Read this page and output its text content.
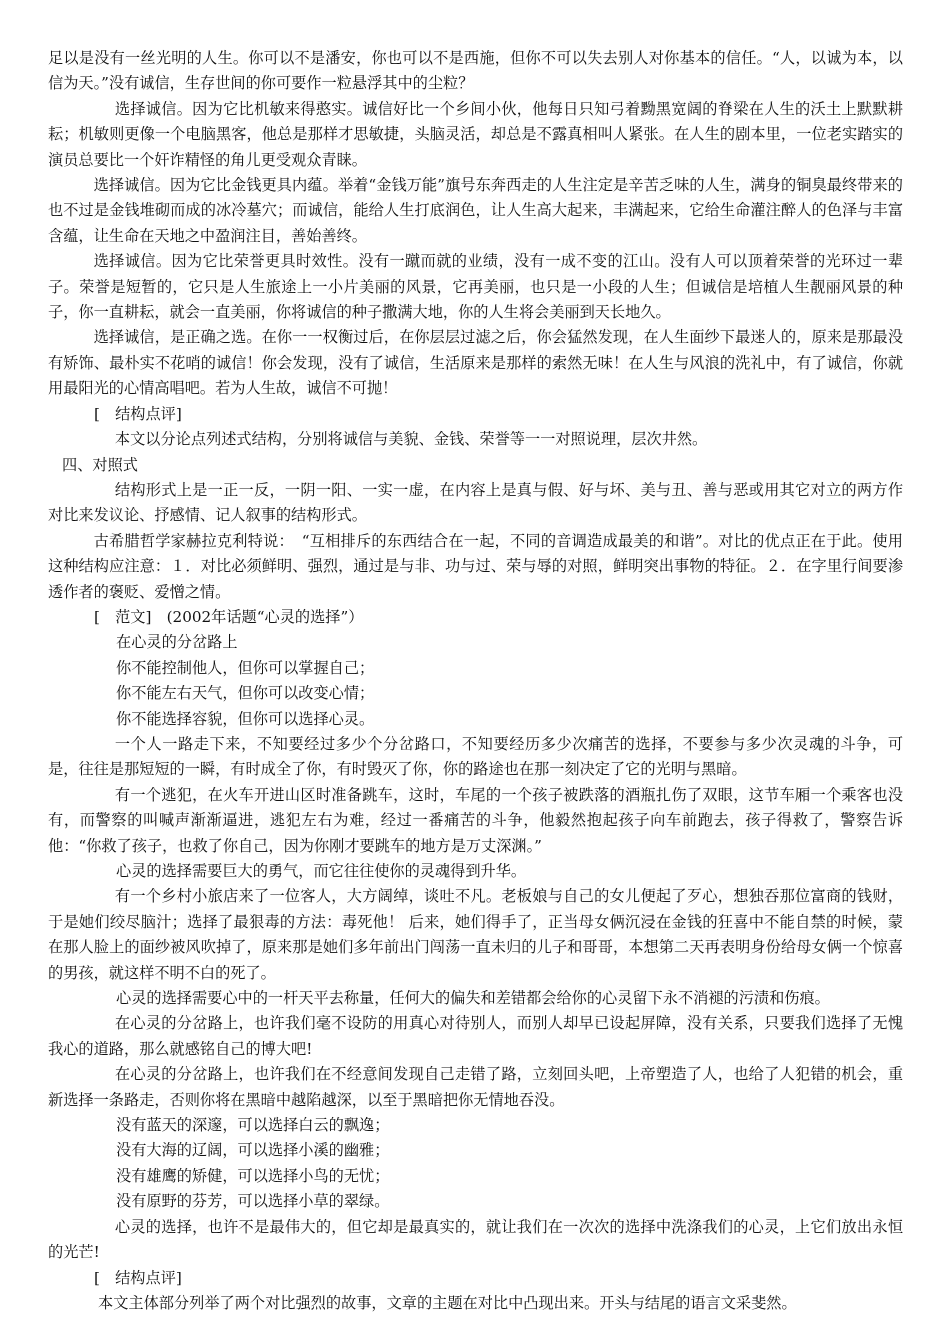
足以是没有一丝光明的人生。你可以不是潘安，你也可以不是西施，但你不可以失去别人对你基本的信任。“人，以诚为本，以信为天。”没有诚信，生存世间的你可要作一粒悬浮其中的尘粒？

选择诚信。因为它比机敏来得憨实。诚信好比一个乡间小伙，他每日只知弓着黝黑宽阔的脊梁在人生的沃土上默默耕耘；机敏则更像一个电脑黑客，他总是那样才思敏捷，头脑灵活，却总是不露真相叫人紧张。在人生的剧本里，一位老实踏实的演员总要比一个奸诈精怪的角儿更受观众青睐。

选择诚信。因为它比金钱更具内蕴。举着“金钱万能”旗号东奔西走的人生注定是辛苦乏味的人生，满身的铜臭最终带来的也不过是金钱堆砌而成的冰冷墓穴；而诚信，能给人生打底润色，让人生高大起来，丰满起来，它给生命灌注醉人的色泽与丰富含蕴，让生命在天地之中盈润注目，善始善终。

选择诚信。因为它比荣誉更具时效性。没有一蹴而就的业绩，没有一成不变的江山。没有人可以顶着荣誉的光环过一辈子。荣誉是短暂的，它只是人生旅途上一小片美丽的风景，它再美丽，也只是一小段的人生；但诚信是培植人生靓丽风景的种子，你一直耕耘，就会一直美丽，你将诚信的种子撒满大地，你的人生将会美丽到天长地久。

选择诚信，是正确之选。在你一一权衡过后，在你层层过滤之后，你会猛然发现，在人生面纱下最迷人的，原来是那最没有矫饰、最朴实不花哨的诚信！你会发现，没有了诚信，生活原来是那样的索然无味！在人生与风浪的洗礼中，有了诚信，你就用最阳光的心情高唱吧。若为人生故，诚信不可抛！

[　结构点评]

本文以分论点列述式结构，分别将诚信与美貌、金钱、荣誉等一一对照说理，层次井然。

四、对照式

结构形式上是一正一反，一阴一阳、一实一虚，在内容上是真与假、好与坏、美与丑、善与恶或用其它对立的两方作对比来发议论、抒感情、记人叙事的结构形式。

古希腊哲学家赫拉克利特说：　“互相排斥的东西结合在一起，不同的音调造成最美的和谐”。对比的优点正在于此。使用这种结构应注意：１．对比必须鲜明、强烈，通过是与非、功与过、荣与辱的对照，鲜明突出事物的特征。２．在字里行间要渗透作者的褒贬、爱憎之情。

[　范文]　(2002年话题“心灵的选择”）

在心灵的分岔路上

你不能控制他人，但你可以掌握自己；

你不能左右天气，但你可以改变心情；

你不能选择容貌，但你可以选择心灵。

一个人一路走下来，不知要经过多少个分岔路口，不知要经历多少次痛苦的选择，不要参与多少次灵魂的斗争，可是，往往是那短短的一瞬，有时成全了你，有时毁灭了你，你的路途也在那一刻决定了它的光明与黑暗。

有一个逃犯，在火车开进山区时准备跳车，这时，车尾的一个孩子被跌落的酒瓶扎伤了双眼，这节车厢一个乘客也没有，而警察的叫喊声渐渐逼进，逃犯左右为难，经过一番痛苦的斗争，他毅然抱起孩子向车前跑去，孩子得救了，警察告诉他：“你救了孩子，也救了你自己，因为你刚才要跳车的地方是万丈深渊。”

心灵的选择需要巨大的勇气，而它往往使你的灵魂得到升华。

有一个乡村小旅店来了一位客人，大方阔绰，谈吐不凡。老板娘与自己的女儿便起了歹心，想独吞那位富商的钱财，于是她们绞尽脑汁；选择了最狠毒的方法：毒死他！ 后来，她们得手了，正当母女俩沉浸在金钱的狂喜中不能自禁的时候，蒙在那人脸上的面纱被风吹掉了，原来那是她们多年前出门闯荡一直未归的儿子和哥哥，本想第二天再表明身份给母女俩一个惊喜的男孩，就这样不明不白的死了。

心灵的选择需要心中的一杆天平去称量，任何大的偏失和差错都会给你的心灵留下永不消褪的污渍和伤痕。

在心灵的分岔路上，也许我们毫不设防的用真心对待别人，而别人却早已设起屏障，没有关系，只要我们选择了无愧我心的道路，那么就感铭自己的博大吧!

在心灵的分岔路上，也许我们在不经意间发现自己走错了路，立刻回头吧，上帝塑造了人，也给了人犯错的机会，重新选择一条路走，否则你将在黑暗中越陷越深，以至于黑暗把你无情地吞没。

没有蓝天的深邃，可以选择白云的飘逸；

没有大海的辽阔，可以选择小溪的幽雅；

没有雄鹰的矫健，可以选择小鸟的无忧；

没有原野的芬芳，可以选择小草的翠绿。

心灵的选择，也许不是最伟大的，但它却是最真实的，就让我们在一次次的选择中洗涤我们的心灵，上它们放出永恒的光芒!

[　结构点评]

本文主体部分列举了两个对比强烈的故事，文章的主题在对比中凸现出来。开头与结尾的语言文采斐然。
